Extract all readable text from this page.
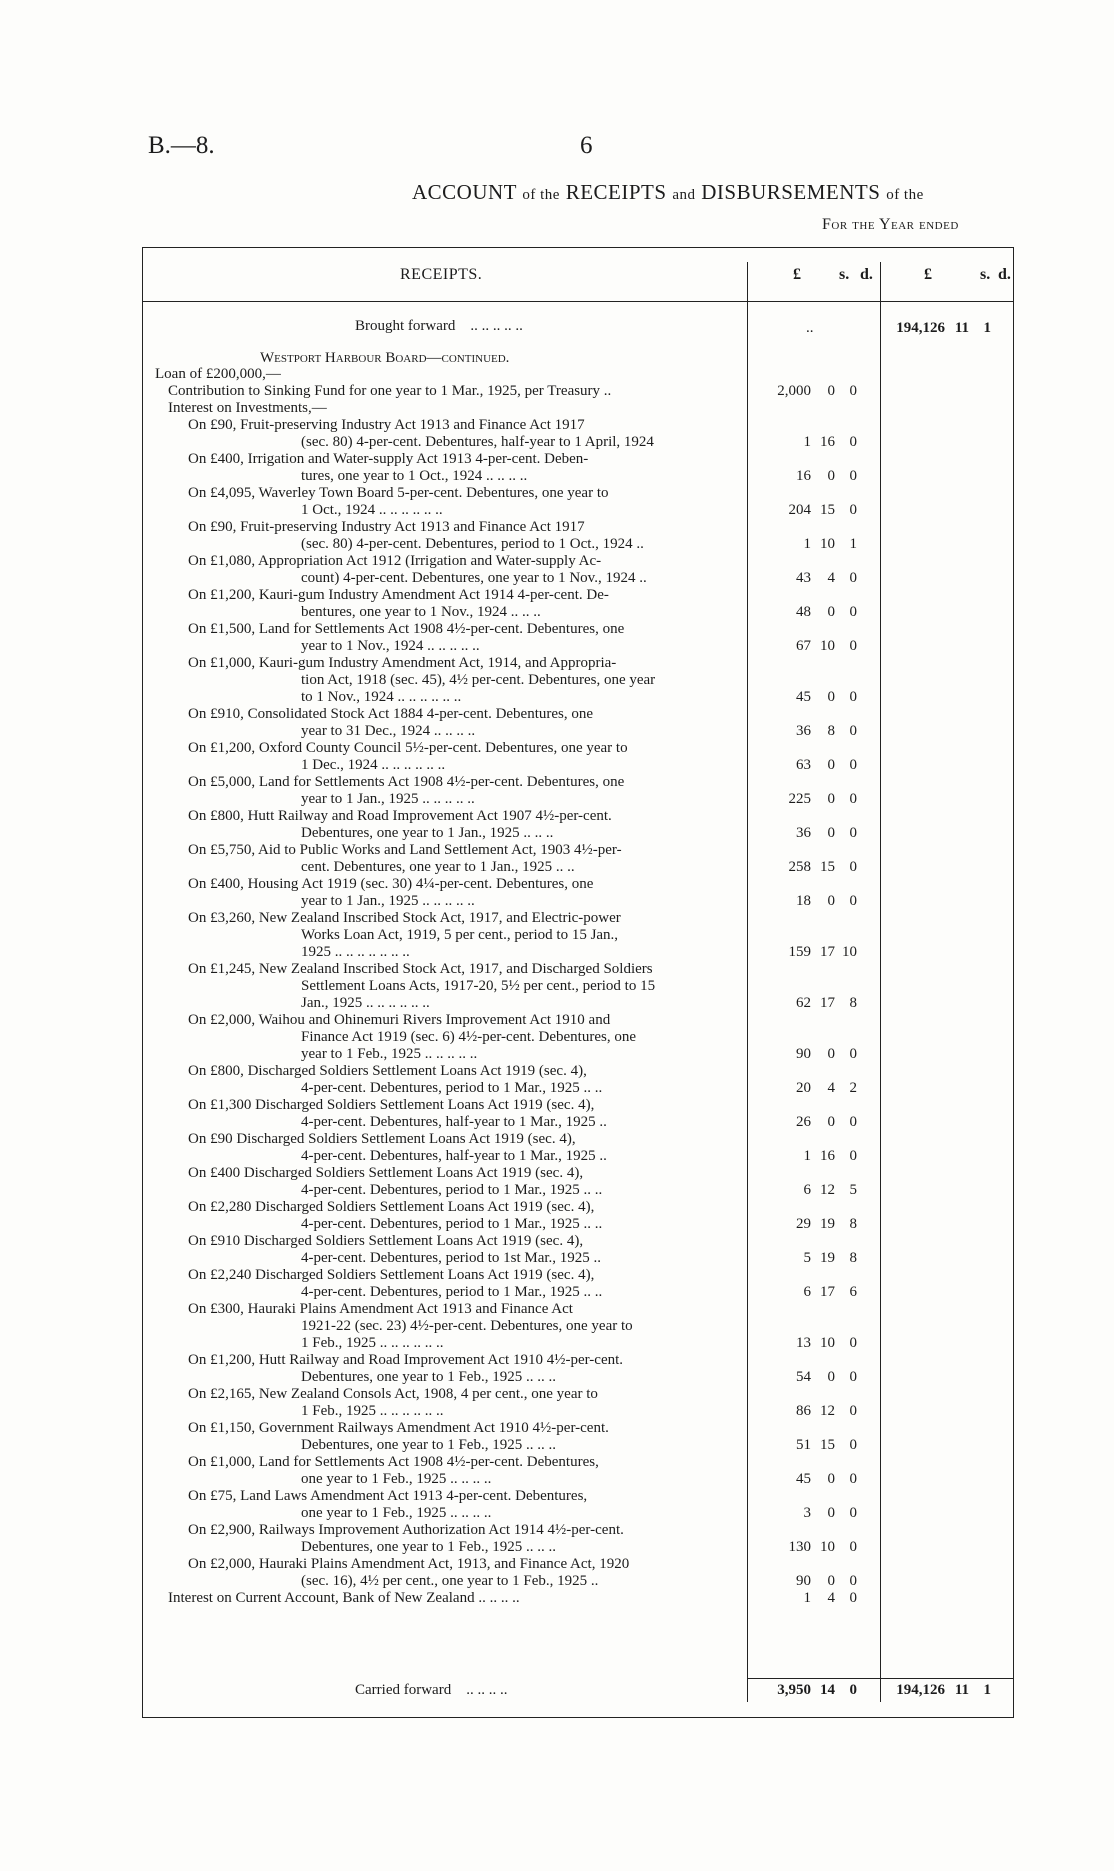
B.—8.	6
ACCOUNT of the RECEIPTS and DISBURSEMENTS of the
For the Year ended
RECEIPTS.	£ s. d.	£	s. d.
Brought forward .. .. .. .. ..	..	194,126 11 1
Westport Harbour Board—continued.
Loan of £200,000,—
Contribution to Sinking Fund for one year to 1 Mar., 1925, per Treasury ..	2,000	0 0
Interest on Investments,—
On £90, Fruit-preserving Industry Act 1913 and Finance Act 1917
(sec. 80) 4-per-cent. Debentures, half-year to 1 April, 1924	1 16 0
On £400, Irrigation and Water-supply Act 1913 4-per-cent. Deben-
tures, one year to 1 Oct., 1924 .. .. .. ..	16	0 0
On £4,095, Waverley Town Board 5-per-cent. Debentures, one year to
1 Oct., 1924 .. .. .. .. .. ..	204 15 0
On £90, Fruit-preserving Industry Act 1913 and Finance Act 1917
(sec. 80) 4-per-cent. Debentures, period to 1 Oct., 1924 ..	1 10 1
On £1,080, Appropriation Act 1912 (Irrigation and Water-supply Ac-
count) 4-per-cent. Debentures, one year to 1 Nov., 1924 ..	43	4 0
On £1,200, Kauri-gum Industry Amendment Act 1914 4-per-cent. De-
bentures, one year to 1 Nov., 1924 .. .. ..	48	0 0
On £1,500, Land for Settlements Act 1908 4½-per-cent. Debentures, one
year to 1 Nov., 1924 .. .. .. .. ..	67 10 0
On £1,000, Kauri-gum Industry Amendment Act, 1914, and Appropria-
tion Act, 1918 (sec. 45), 4½ per-cent. Debentures, one year
to 1 Nov., 1924 .. .. .. .. .. ..	45	0 0
On £910, Consolidated Stock Act 1884 4-per-cent. Debentures, one
year to 31 Dec., 1924 .. .. .. ..	36	8 0
On £1,200, Oxford County Council 5½-per-cent. Debentures, one year to
1 Dec., 1924 .. .. .. .. .. ..	63	0 0
On £5,000, Land for Settlements Act 1908 4½-per-cent. Debentures, one
year to 1 Jan., 1925 .. .. .. .. ..	225	0 0
On £800, Hutt Railway and Road Improvement Act 1907 4½-per-cent.
Debentures, one year to 1 Jan., 1925 .. .. ..	36	0 0
On £5,750, Aid to Public Works and Land Settlement Act, 1903 4½-per-
cent. Debentures, one year to 1 Jan., 1925 .. ..	258 15 0
On £400, Housing Act 1919 (sec. 30) 4¼-per-cent. Debentures, one
year to 1 Jan., 1925 .. .. .. .. ..	18	0 0
On £3,260, New Zealand Inscribed Stock Act, 1917, and Electric-power
Works Loan Act, 1919, 5 per cent., period to 15 Jan.,
1925 .. .. .. .. .. .. ..	159 17 10
On £1,245, New Zealand Inscribed Stock Act, 1917, and Discharged Soldiers
Settlement Loans Acts, 1917-20, 5½ per cent., period to 15
Jan., 1925 .. .. .. .. .. ..	62 17 8
On £2,000, Waihou and Ohinemuri Rivers Improvement Act 1910 and
Finance Act 1919 (sec. 6) 4½-per-cent. Debentures, one
year to 1 Feb., 1925 .. .. .. .. ..	90	0 0
On £800, Discharged Soldiers Settlement Loans Act 1919 (sec. 4),
4-per-cent. Debentures, period to 1 Mar., 1925 .. ..	20	4 2
On £1,300 Discharged Soldiers Settlement Loans Act 1919 (sec. 4),
4-per-cent. Debentures, half-year to 1 Mar., 1925 ..	26	0 0
On £90 Discharged Soldiers Settlement Loans Act 1919 (sec. 4),
4-per-cent. Debentures, half-year to 1 Mar., 1925 ..	1 16 0
On £400 Discharged Soldiers Settlement Loans Act 1919 (sec. 4),
4-per-cent. Debentures, period to 1 Mar., 1925 .. ..	6 12 5
On £2,280 Discharged Soldiers Settlement Loans Act 1919 (sec. 4),
4-per-cent. Debentures, period to 1 Mar., 1925 .. ..	29 19 8
On £910 Discharged Soldiers Settlement Loans Act 1919 (sec. 4),
4-per-cent. Debentures, period to 1st Mar., 1925 ..	5 19 8
On £2,240 Discharged Soldiers Settlement Loans Act 1919 (sec. 4),
4-per-cent. Debentures, period to 1 Mar., 1925 .. ..	6 17 6
On £300, Hauraki Plains Amendment Act 1913 and Finance Act
1921-22 (sec. 23) 4½-per-cent. Debentures, one year to
1 Feb., 1925 .. .. .. .. .. ..	13 10 0
On £1,200, Hutt Railway and Road Improvement Act 1910 4½-per-cent.
Debentures, one year to 1 Feb., 1925 .. .. ..	54	0 0
On £2,165, New Zealand Consols Act, 1908, 4 per cent., one year to
1 Feb., 1925 .. .. .. .. .. ..	86 12 0
On £1,150, Government Railways Amendment Act 1910 4½-per-cent.
Debentures, one year to 1 Feb., 1925 .. .. ..	51 15 0
On £1,000, Land for Settlements Act 1908 4½-per-cent. Debentures,
one year to 1 Feb., 1925 .. .. .. ..	45	0 0
On £75, Land Laws Amendment Act 1913 4-per-cent. Debentures,
one year to 1 Feb., 1925 .. .. .. ..	3	0 0
On £2,900, Railways Improvement Authorization Act 1914 4½-per-cent.
Debentures, one year to 1 Feb., 1925 .. .. ..	130 10 0
On £2,000, Hauraki Plains Amendment Act, 1913, and Finance Act, 1920
(sec. 16), 4½ per cent., one year to 1 Feb., 1925 ..	90	0 0
Interest on Current Account, Bank of New Zealand .. .. .. ..	1	4 0
Carried forward .. .. .. ..	3,950 14 0	194,126 11 1
